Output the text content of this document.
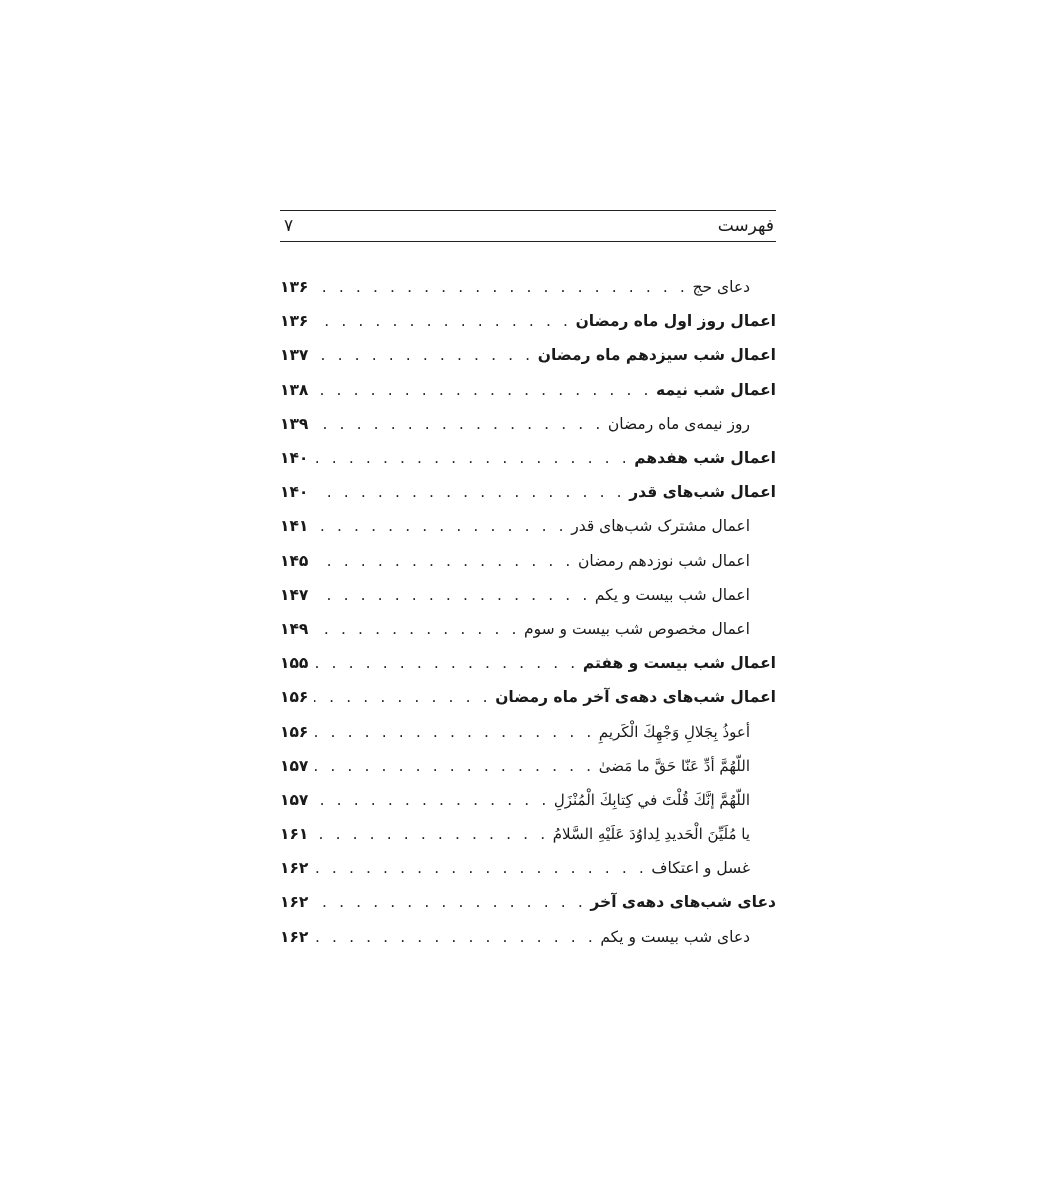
فهرست
۷
دعای حج
. . .
۱۳۶
اعمال روز اول ماه رمضان
. . .
۱۳۶
اعمال شب سیزدهم ماه رمضان
. . .
۱۳۷
اعمال شب نیمه
. . .
۱۳۸
روز نیمه‌ی ماه رمضان
. . .
۱۳۹
اعمال شب هفدهم
. . .
۱۴۰
اعمال شب‌های قدر
. . .
۱۴۰
اعمال مشترک شب‌های قدر
. . .
۱۴۱
اعمال شب نوزدهم رمضان
. . .
۱۴۵
اعمال شب بیست و یکم
. . .
۱۴۷
اعمال مخصوص شب بیست و سوم
. . .
۱۴۹
اعمال شب بیست و هفتم
. . .
۱۵۵
اعمال شب‌های دهه‌ی آخر ماه رمضان
. . .
۱۵۶
أعوذُ بِجَلالِ وَجْهِكَ الْكَريمِ
. . .
۱۵۶
اللّهُمَّ أدِّ عَنّا حَقَّ ما مَضىٰ
. . .
۱۵۷
اللّهُمَّ إنَّكَ قُلْتَ في كِتابِكَ الْمُنْزَلِ
. . .
۱۵۷
يا مُلَيِّنَ الْحَديدِ لِداوُدَ عَلَيْهِ السَّلامُ
. . .
۱۶۱
غسل و اعتکاف
. . .
۱۶۲
دعای شب‌های دهه‌ی آخر
. . .
۱۶۲
دعای شب بیست و یکم
. . .
۱۶۲
